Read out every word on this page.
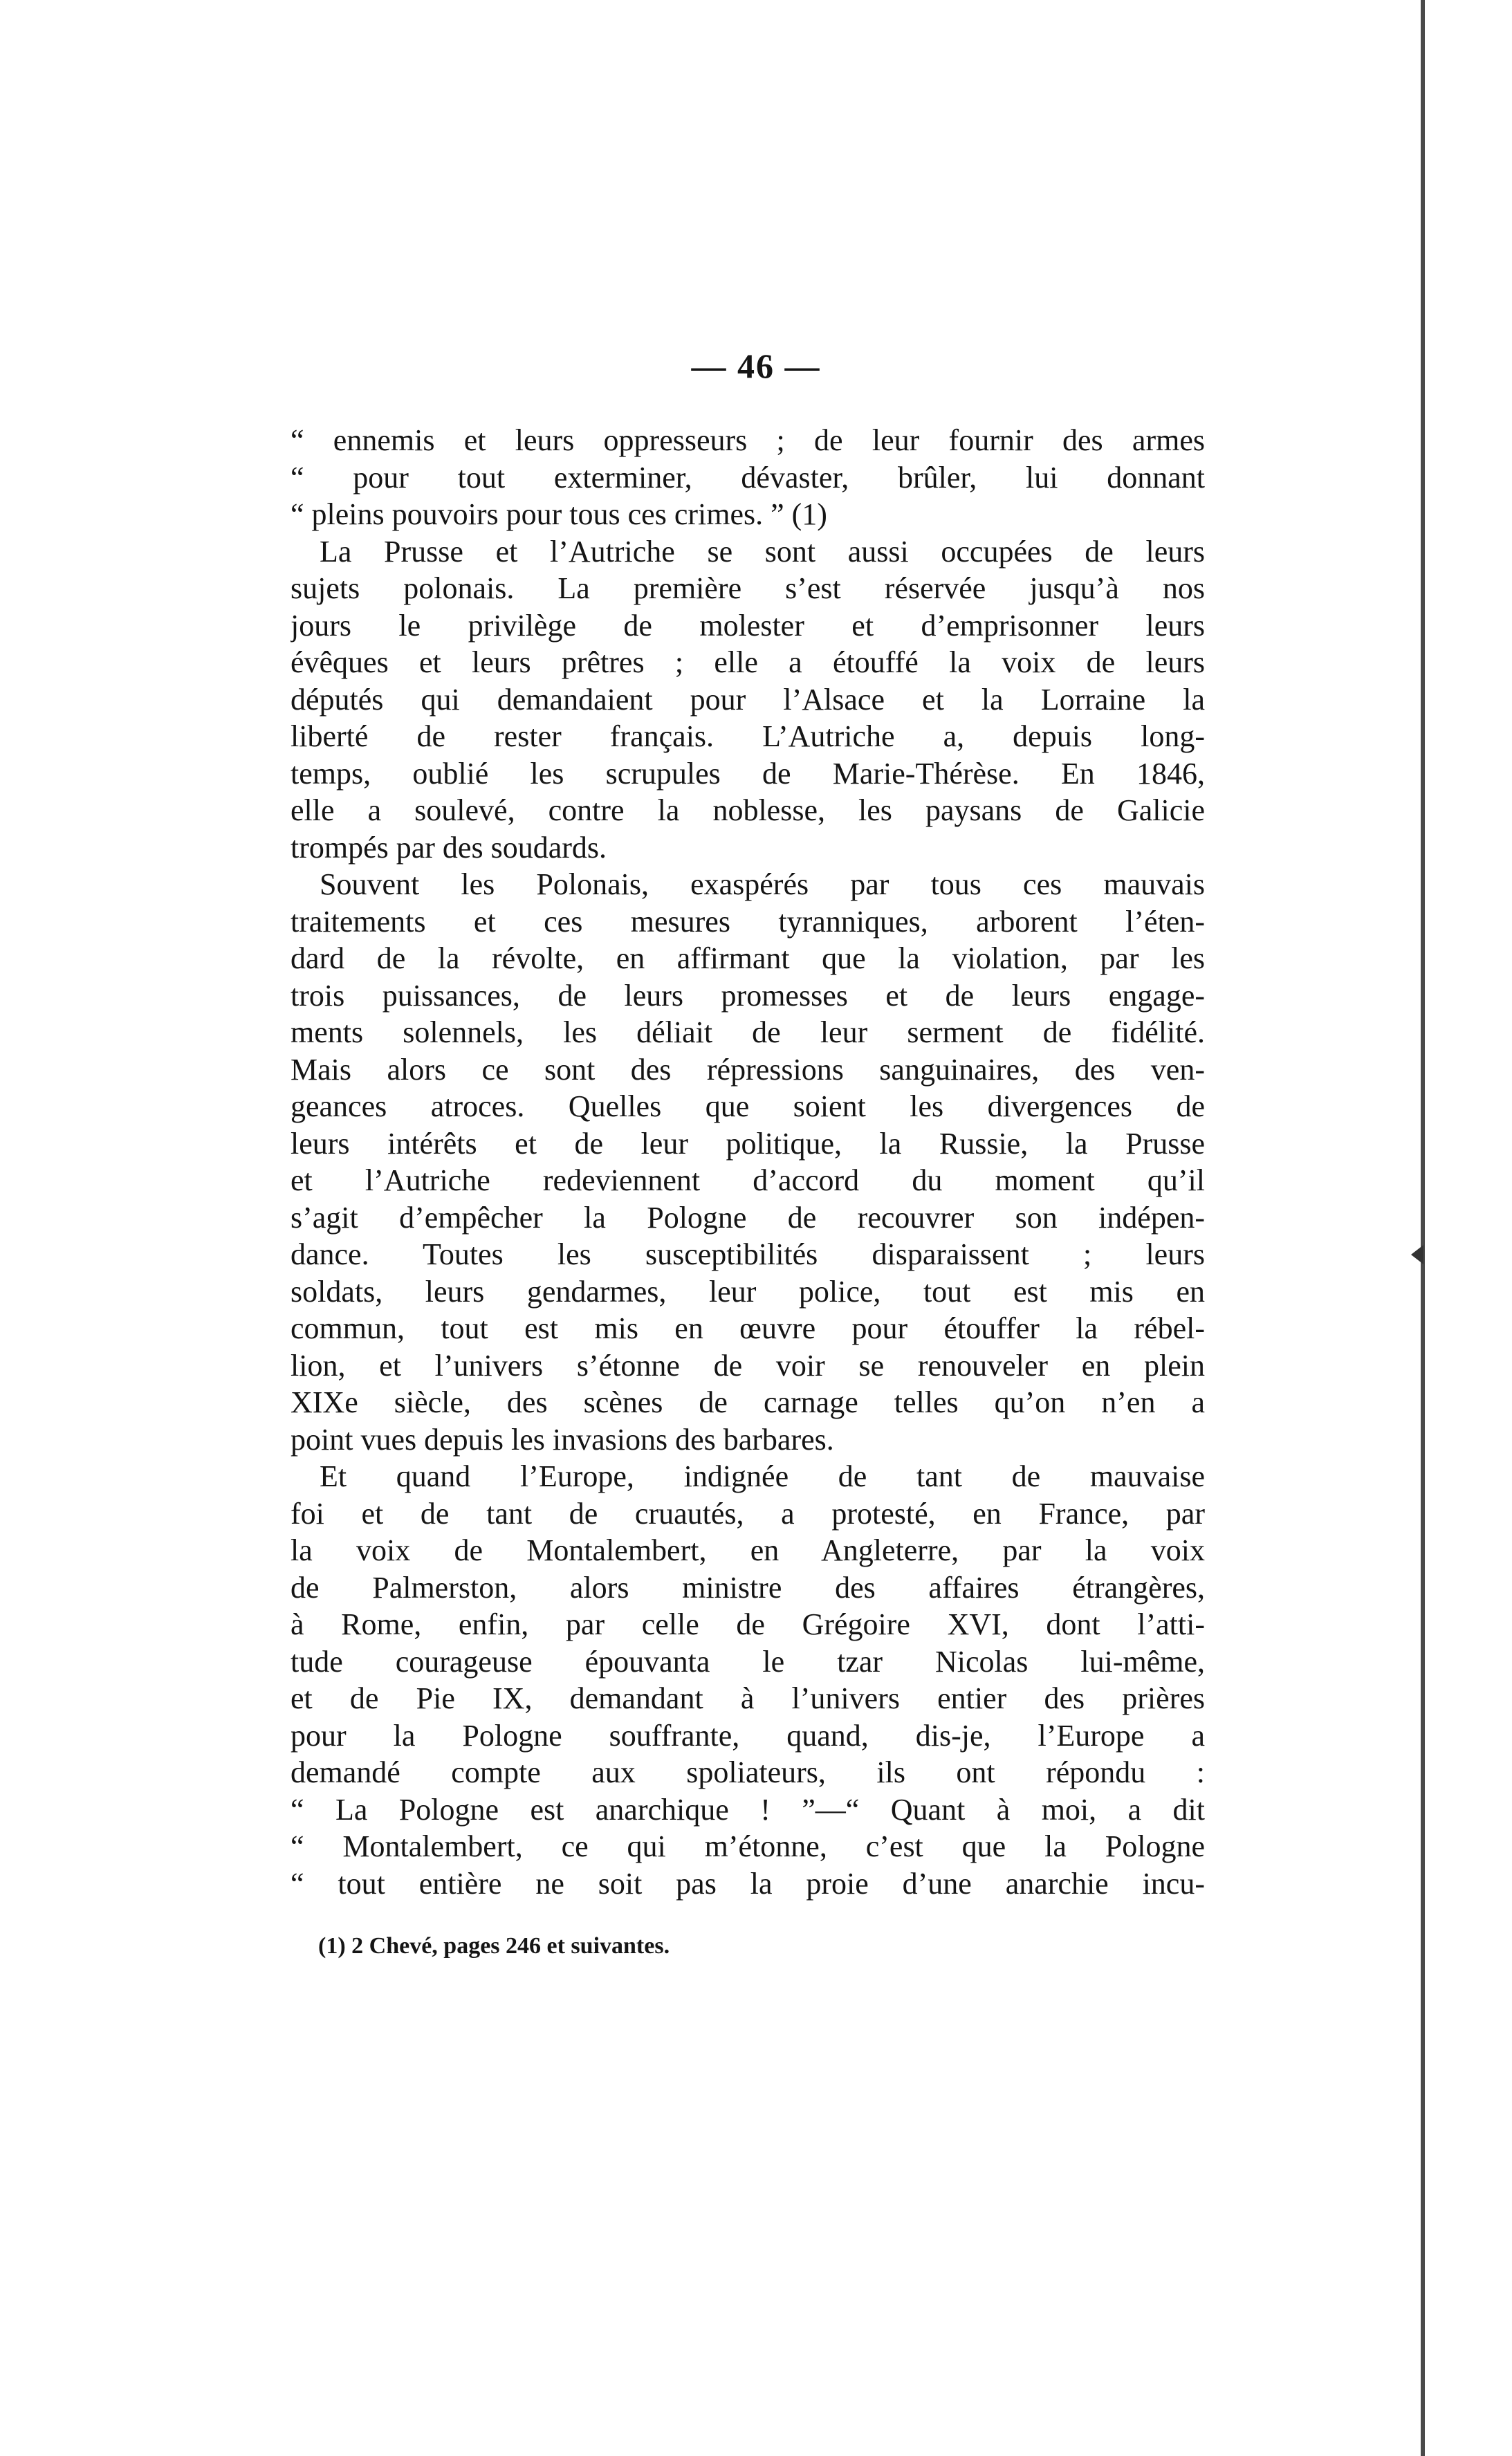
— 46 —
“ ennemis et leurs oppresseurs ; de leur fournir des armes
“ pour tout exterminer, dévaster, brûler, lui donnant
“ pleins pouvoirs pour tous ces crimes. ” (1)
La Prusse et l’Autriche se sont aussi occupées de leurs
sujets polonais. La première s’est réservée jusqu’à nos
jours le privilège de molester et d’emprisonner leurs
évêques et leurs prêtres ; elle a étouffé la voix de leurs
députés qui demandaient pour l’Alsace et la Lorraine la
liberté de rester français. L’Autriche a, depuis long-
temps, oublié les scrupules de Marie-Thérèse. En 1846,
elle a soulevé, contre la noblesse, les paysans de Galicie
trompés par des soudards.
Souvent les Polonais, exaspérés par tous ces mauvais
traitements et ces mesures tyranniques, arborent l’éten-
dard de la révolte, en affirmant que la violation, par les
trois puissances, de leurs promesses et de leurs engage-
ments solennels, les déliait de leur serment de fidélité.
Mais alors ce sont des répressions sanguinaires, des ven-
geances atroces. Quelles que soient les divergences de
leurs intérêts et de leur politique, la Russie, la Prusse
et l’Autriche redeviennent d’accord du moment qu’il
s’agit d’empêcher la Pologne de recouvrer son indépen-
dance. Toutes les susceptibilités disparaissent ; leurs
soldats, leurs gendarmes, leur police, tout est mis en
commun, tout est mis en œuvre pour étouffer la rébel-
lion, et l’univers s’étonne de voir se renouveler en plein
XIXe siècle, des scènes de carnage telles qu’on n’en a
point vues depuis les invasions des barbares.
Et quand l’Europe, indignée de tant de mauvaise
foi et de tant de cruautés, a protesté, en France, par
la voix de Montalembert, en Angleterre, par la voix
de Palmerston, alors ministre des affaires étrangères,
à Rome, enfin, par celle de Grégoire XVI, dont l’atti-
tude courageuse épouvanta le tzar Nicolas lui-même,
et de Pie IX, demandant à l’univers entier des prières
pour la Pologne souffrante, quand, dis-je, l’Europe a
demandé compte aux spoliateurs, ils ont répondu :
“ La Pologne est anarchique ! ”—“ Quant à moi, a dit
“ Montalembert, ce qui m’étonne, c’est que la Pologne
“ tout entière ne soit pas la proie d’une anarchie incu-
(1) 2 Chevé, pages 246 et suivantes.
